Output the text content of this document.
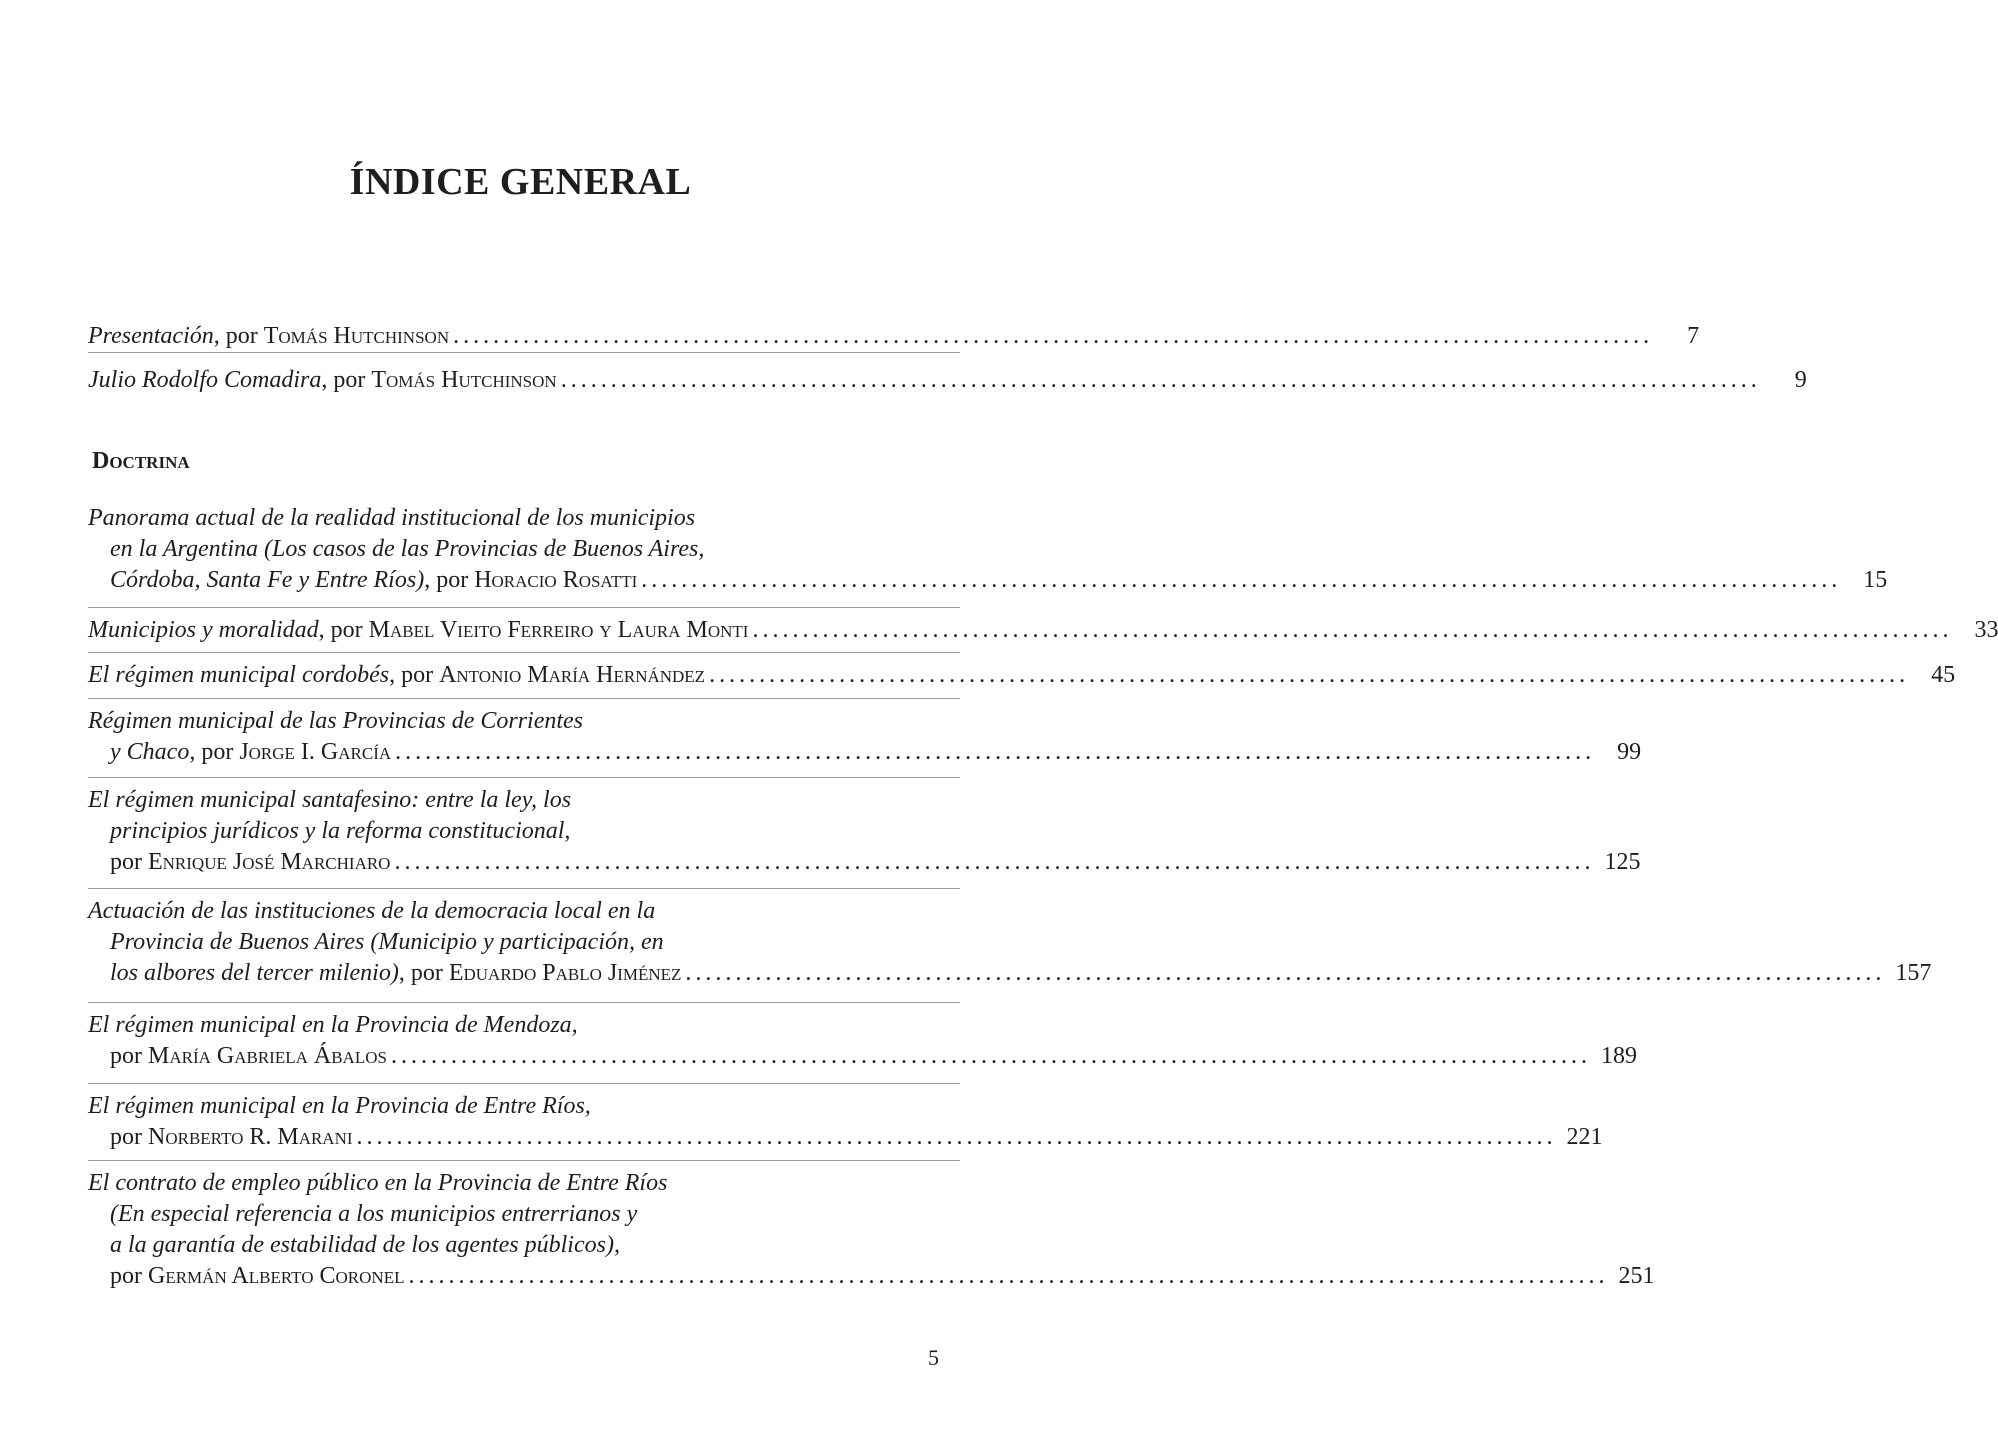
ÍNDICE GENERAL
Presentación, por Tomás Hutchinson ........................................................................................................................	7
Julio Rodolfo Comadira, por Tomás Hutchinson ........................................................................................................................	9
Doctrina
Panorama actual de la realidad institucional de los municipios
en la Argentina (Los casos de las Provincias de Buenos Aires,
Córdoba, Santa Fe y Entre Ríos), por Horacio Rosatti ........................................................................................................................ 15
Municipios y moralidad, por Mabel Vieito Ferreiro y Laura Monti ........................................................................................................................ 33
El régimen municipal cordobés, por Antonio María Hernández ........................................................................................................................ 45
Régimen municipal de las Provincias de Corrientes
y Chaco, por Jorge I. García ........................................................................................................................ 99
El régimen municipal santafesino: entre la ley, los
principios jurídicos y la reforma constitucional,
por Enrique José Marchiaro ........................................................................................................................ 125
Actuación de las instituciones de la democracia local en la
Provincia de Buenos Aires (Municipio y participación, en
los albores del tercer milenio), por Eduardo Pablo Jiménez ........................................................................................................................ 157
El régimen municipal en la Provincia de Mendoza,
por María Gabriela Ábalos ........................................................................................................................ 189
El régimen municipal en la Provincia de Entre Ríos,
por Norberto R. Marani ........................................................................................................................ 221
El contrato de empleo público en la Provincia de Entre Ríos
(En especial referencia a los municipios entrerrianos y
a la garantía de estabilidad de los agentes públicos),
por Germán Alberto Coronel ........................................................................................................................ 251
5
